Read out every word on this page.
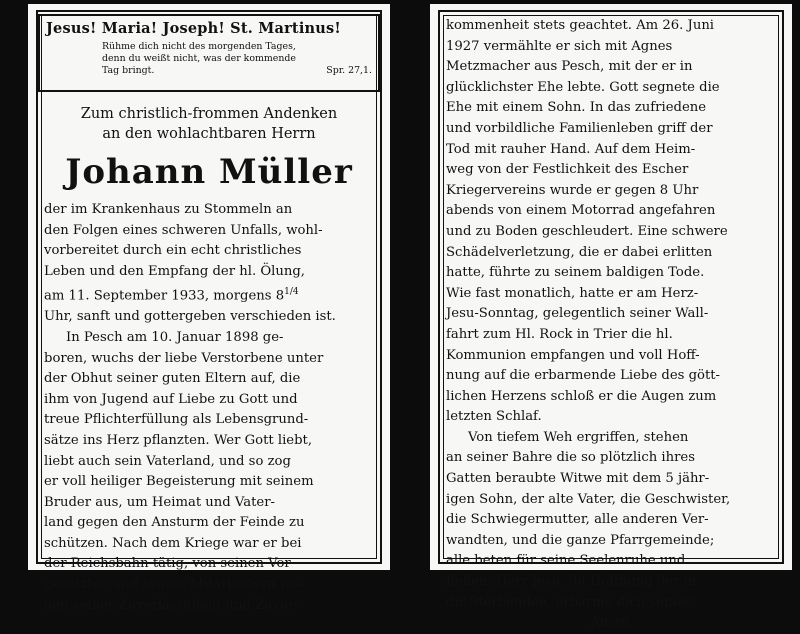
Jesus! Maria! Joseph! St. Martinus!
Rühme dich nicht des morgenden Tages,
denn du weißt nicht, was der kommende
Tag bringt.	Spr. 27,1.
Zum christlich-frommen Andenken
an den wohlachtbaren Herrn
Johann Müller
der im Krankenhaus zu Stommeln an
den Folgen eines schweren Unfalls, wohl-
vorbereitet durch ein echt christliches
Leben und den Empfang der hl. Ölung,
am 11. September 1933, morgens $8^{1/4}$
Uhr, sanft und gottergeben verschieden ist.
In Pesch am 10. Januar 1898 ge-
boren, wuchs der liebe Verstorbene unter
der Obhut seiner guten Eltern auf, die
ihm von Jugend auf Liebe zu Gott und
treue Pflichterfüllung als Lebensgrund-
sätze ins Herz pflanzten. Wer Gott liebt,
liebt auch sein Vaterland, und so zog
er voll heiliger Begeisterung mit seinem
Bruder aus, um Heimat und Vater-
land gegen den Ansturm der Feinde zu
schützen. Nach dem Kriege war er bei
der Reichsbahn tätig, von seinen Vor-
gesetzten und seinen Mitarbeitern we-
gen seiner Zuverlässigkeit und Zuvor-
kommenheit stets geachtet. Am 26. Juni
1927 vermählte er sich mit Agnes
Metzmacher aus Pesch, mit der er in
glücklichster Ehe lebte. Gott segnete die
Ehe mit einem Sohn. In das zufriedene
und vorbildliche Familienleben griff der
Tod mit rauher Hand. Auf dem Heim-
weg von der Festlichkeit des Escher
Kriegervereins wurde er gegen 8 Uhr
abends von einem Motorrad angefahren
und zu Boden geschleudert. Eine schwere
Schädelverletzung, die er dabei erlitten
hatte, führte zu seinem baldigen Tode.
Wie fast monatlich, hatte er am Herz-
Jesu-Sonntag, gelegentlich seiner Wall-
fahrt zum Hl. Rock in Trier die hl.
Kommunion empfangen und voll Hoff-
nung auf die erbarmende Liebe des gött-
lichen Herzens schloß er die Augen zum
letzten Schlaf.
Von tiefem Weh ergriffen, stehen
an seiner Bahre die so plötzlich ihres
Gatten beraubte Witwe mit dem 5 jähr-
igen Sohn, der alte Vater, die Geschwister,
die Schwiegermutter, alle anderen Ver-
wandten, und die ganze Pfarrgemeinde;
alle beten für seine Seelenruhe und
flehen: Herr Jesu, du Hoffnung der in
dir Sterbenden, erbarme dich seiner!
Amen.
